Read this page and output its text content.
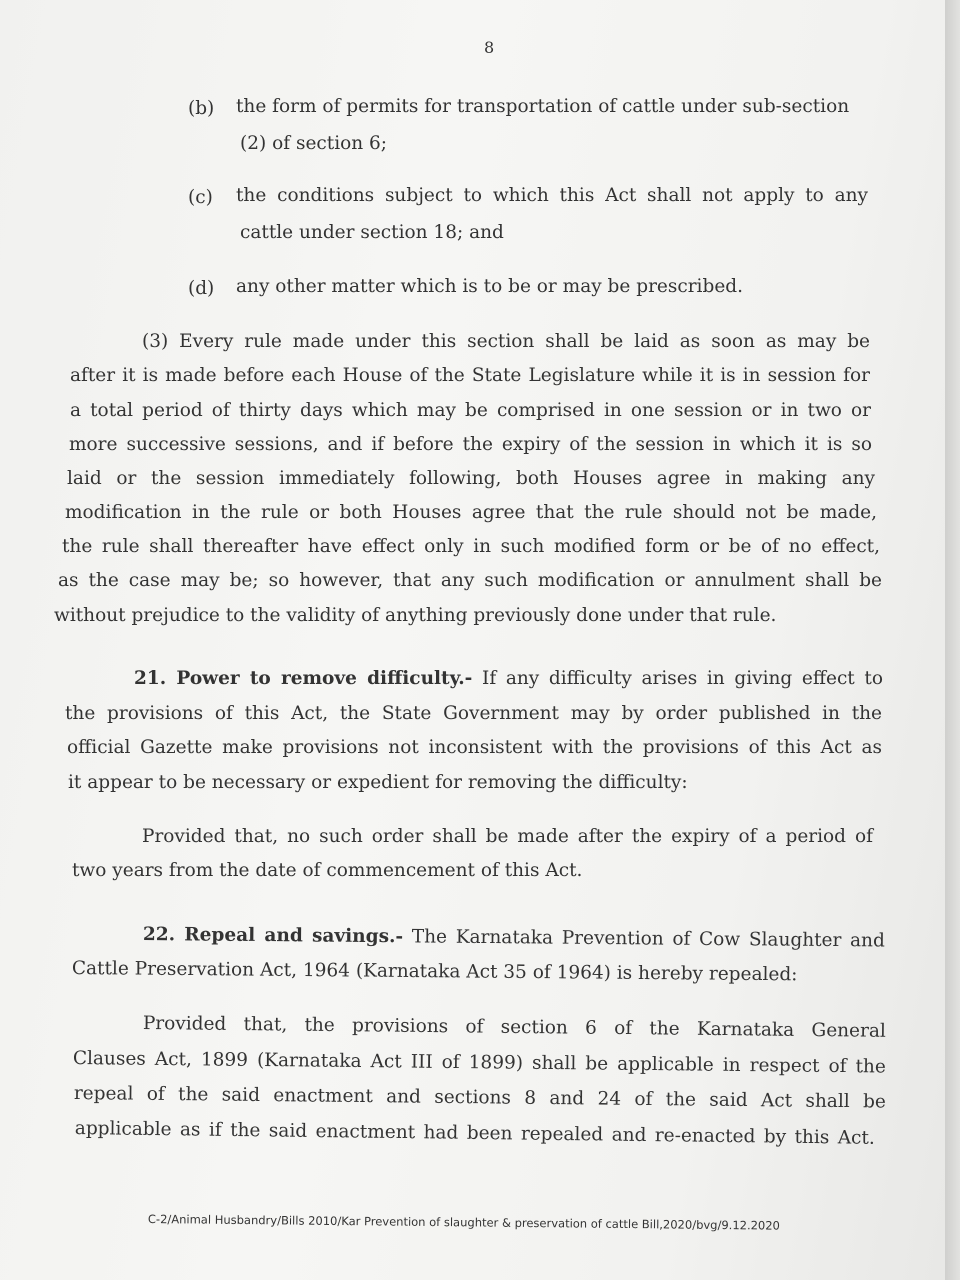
8
(b) the form of permits for transportation of cattle under sub-section
(2) of section 6;
(c) the conditions subject to which this Act shall not apply to any
cattle under section 18; and
(d) any other matter which is to be or may be prescribed.
(3) Every rule made under this section shall be laid as soon as may be
after it is made before each House of the State Legislature while it is in session for
a total period of thirty days which may be comprised in one session or in two or
more successive sessions, and if before the expiry of the session in which it is so
laid or the session immediately following, both Houses agree in making any
modification in the rule or both Houses agree that the rule should not be made,
the rule shall thereafter have effect only in such modified form or be of no effect,
as the case may be; so however, that any such modification or annulment shall be
without prejudice to the validity of anything previously done under that rule.
21. Power to remove difficulty.- If any difficulty arises in giving effect to
the provisions of this Act, the State Government may by order published in the
official Gazette make provisions not inconsistent with the provisions of this Act as
it appear to be necessary or expedient for removing the difficulty:
Provided that, no such order shall be made after the expiry of a period of
two years from the date of commencement of this Act.
22. Repeal and savings.- The Karnataka Prevention of Cow Slaughter and
Cattle Preservation Act, 1964 (Karnataka Act 35 of 1964) is hereby repealed:
Provided that, the provisions of section 6 of the Karnataka General
Clauses Act, 1899 (Karnataka Act III of 1899) shall be applicable in respect of the
repeal of the said enactment and sections 8 and 24 of the said Act shall be
applicable as if the said enactment had been repealed and re-enacted by this Act.
C-2/Animal Husbandry/Bills 2010/Kar Prevention of slaughter & preservation of cattle Bill,2020/bvg/9.12.2020
